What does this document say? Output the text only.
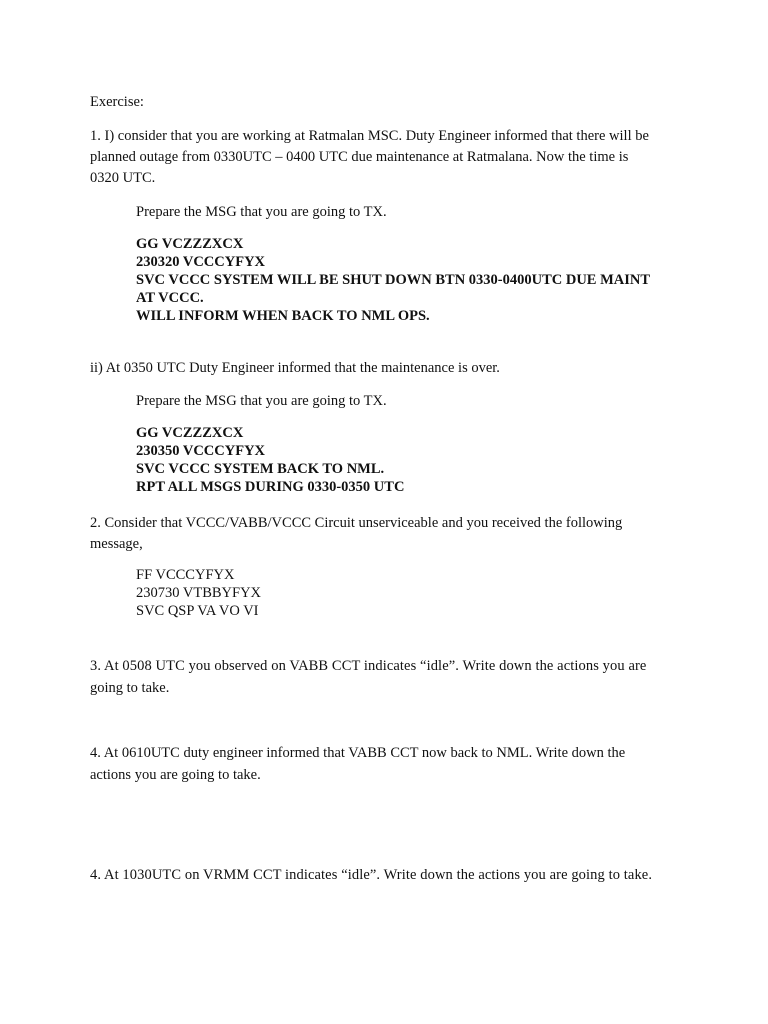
Exercise:

1. I) consider that you are working at Ratmalan MSC. Duty Engineer informed that there will be

planned outage from 0330UTC – 0400 UTC due maintenance at Ratmalana. Now the time is

0320 UTC.

Prepare the MSG that you are going to TX.

GG VCZZZXCX
230320 VCCCYFYX
SVC VCCC SYSTEM WILL BE SHUT DOWN BTN 0330-0400UTC DUE MAINT
AT VCCC.
WILL INFORM WHEN BACK TO NML OPS.

ii) At 0350 UTC Duty Engineer informed that the maintenance is over.

Prepare the MSG that you are going to TX.

GG VCZZZXCX
230350 VCCCYFYX
SVC VCCC SYSTEM BACK TO NML.
RPT ALL MSGS DURING 0330-0350 UTC

2. Consider that VCCC/VABB/VCCC Circuit unserviceable and you received the following

message,

FF VCCCYFYX
230730 VTBBYFYX
SVC QSP VA VO VI

3. At 0508 UTC you observed on VABB CCT indicates “idle”. Write down the actions you are

going to take.

4. At 0610UTC duty engineer informed that VABB CCT now back to NML. Write down the

actions you are going to take.

4. At 1030UTC on VRMM CCT indicates “idle”. Write down the actions you are going to take.
